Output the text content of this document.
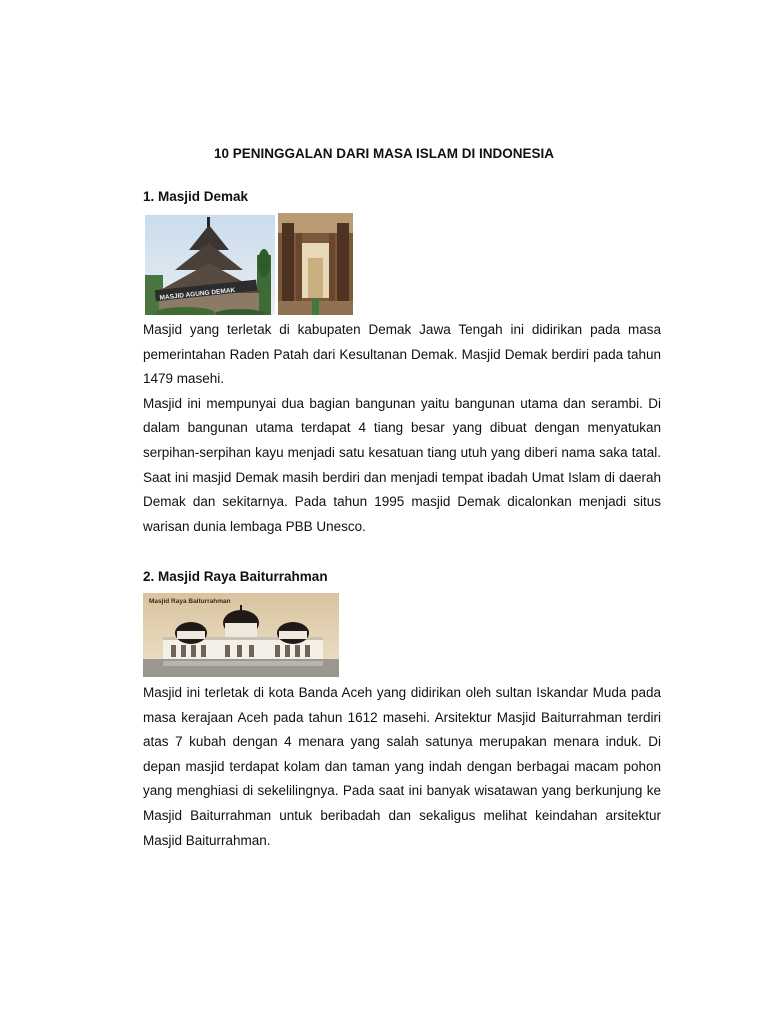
10 PENINGGALAN DARI MASA ISLAM DI INDONESIA
1. Masjid Demak
MASJID AGUNG DEMAK

Masjid yang terletak di kabupaten Demak Jawa Tengah ini didirikan pada masa pemerintahan Raden Patah dari Kesultanan Demak. Masjid Demak berdiri pada tahun 1479 masehi.

Masjid ini mempunyai dua bagian bangunan yaitu bangunan utama dan serambi. Di dalam bangunan utama terdapat 4 tiang besar yang dibuat dengan menyatukan serpihan-serpihan kayu menjadi satu kesatuan tiang utuh yang diberi nama saka tatal. Saat ini masjid Demak masih berdiri dan menjadi tempat ibadah Umat Islam di daerah Demak dan sekitarnya. Pada tahun 1995 masjid Demak dicalonkan menjadi situs warisan dunia lembaga PBB Unesco.

2. Masjid Raya Baiturrahman
Masjid Raya Baiturrahman

Masjid ini terletak di kota Banda Aceh yang didirikan oleh sultan Iskandar Muda pada masa kerajaan Aceh pada tahun 1612 masehi. Arsitektur Masjid Baiturrahman terdiri atas 7 kubah dengan 4 menara yang salah satunya merupakan menara induk. Di depan masjid terdapat kolam dan taman yang indah dengan berbagai macam pohon yang menghiasi di sekelilingnya. Pada saat ini banyak wisatawan yang berkunjung ke Masjid Baiturrahman untuk beribadah dan sekaligus melihat keindahan arsitektur Masjid Baiturrahman.
